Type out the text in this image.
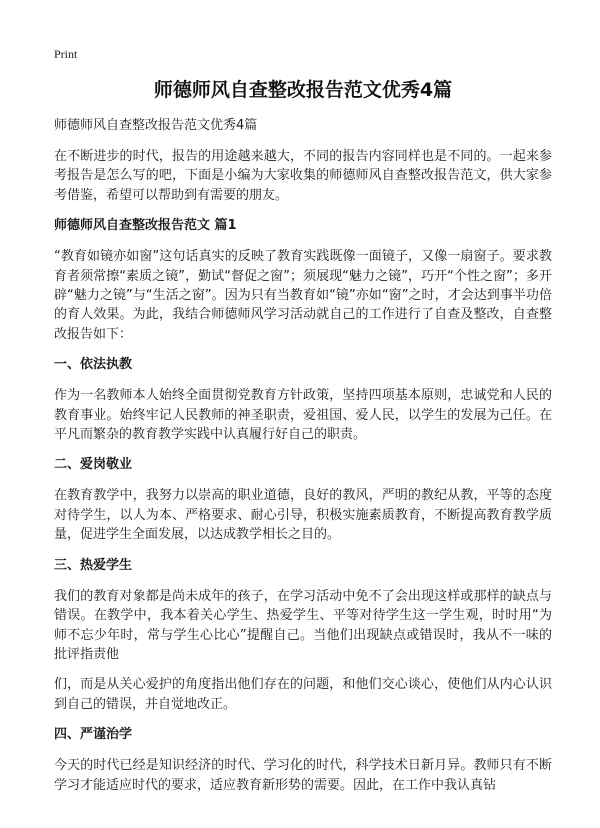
Print
师德师风自查整改报告范文优秀4篇
师德师风自查整改报告范文优秀4篇

在不断进步的时代，报告的用途越来越大，不同的报告内容同样也是不同的。一起来参考报告是怎么写的吧，下面是小编为大家收集的师德师风自查整改报告范文，供大家参考借鉴，希望可以帮助到有需要的朋友。

师德师风自查整改报告范文 篇1

“教育如镜亦如窗”这句话真实的反映了教育实践既像一面镜子，又像一扇窗子。要求教育者须常擦“素质之镜”，勤试“督促之窗”；须展现“魅力之镜”，巧开“个性之窗”；多开辟“魅力之镜”与“生活之窗”。因为只有当教育如“镜”亦如“窗”之时，才会达到事半功倍的育人效果。为此，我结合师德师风学习活动就自己的工作进行了自查及整改，自查整改报告如下：

一、依法执教

作为一名教师本人始终全面贯彻党教育方针政策，坚持四项基本原则，忠诚党和人民的教育事业。始终牢记人民教师的神圣职责，爱祖国、爱人民，以学生的发展为己任。在平凡而繁杂的教育教学实践中认真履行好自己的职责。

二、爱岗敬业

在教育教学中，我努力以崇高的职业道德，良好的教风，严明的教纪从教，平等的态度对待学生，以人为本、严格要求、耐心引导，积极实施素质教育，不断提高教育教学质量，促进学生全面发展，以达成教学相长之目的。

三、热爱学生

我们的教育对象都是尚未成年的孩子，在学习活动中免不了会出现这样或那样的缺点与错误。在教学中，我本着关心学生、热爱学生、平等对待学生这一学生观，时时用“为师不忘少年时，常与学生心比心”提醒自己。当他们出现缺点或错误时，我从不一味的批评指责他

们，而是从关心爱护的角度指出他们存在的问题，和他们交心谈心，使他们从内心认识到自己的错误，并自觉地改正。

四、严谨治学

今天的时代已经是知识经济的时代、学习化的时代，科学技术日新月异。教师只有不断学习才能适应时代的要求，适应教育新形势的需要。因此，在工作中我认真钻
